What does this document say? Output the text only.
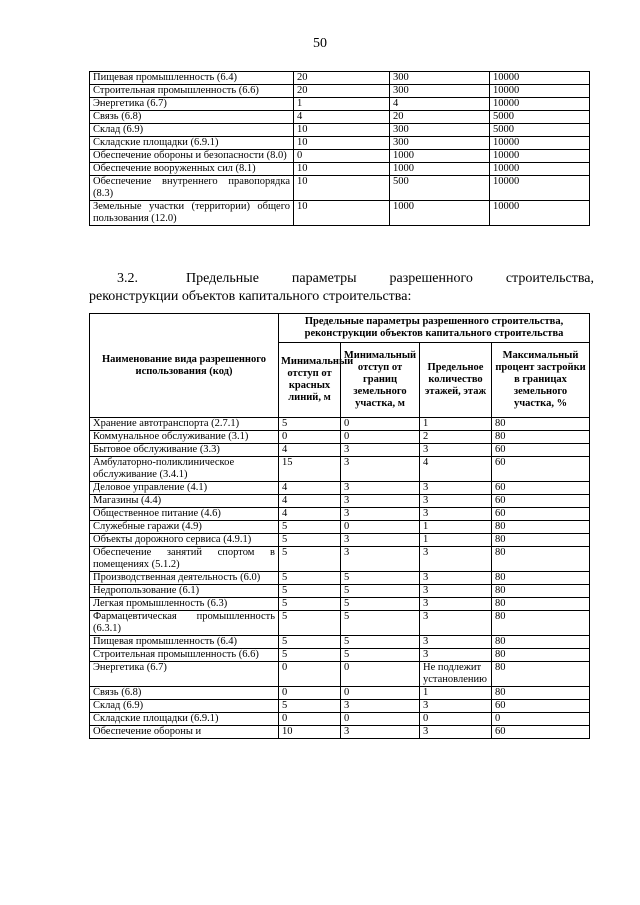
50
Пищевая промышленность (6.4)	20	300	10000
Строительная промышленность (6.6)	20	300	10000
Энергетика (6.7)	1	4	10000
Связь (6.8)	4	20	5000
Склад (6.9)	10	300	5000
Складские площадки (6.9.1)	10	300	10000
Обеспечение обороны и безопасности (8.0)	0	1000	10000
Обеспечение вооруженных сил (8.1)	10	1000	10000
Обеспечение внутреннего правопорядка (8.3)	10	500	10000
Земельные участки (территории) общего пользования (12.0)	10	1000	10000
3.2.	Предельные параметры разрешенного строительства,
реконструкции объектов капитального строительства:
Наименование вида разрешенного использования (код)	Предельные параметры разрешенного строительства, реконструкции объектов капитального строительства			
	Минимальный отступ от красных линий, м	Минимальный отступ от границ земельного участка, м	Предельное количество этажей, этаж	Максимальный процент застройки в границах земельного участка, %
Хранение автотранспорта (2.7.1)	5	0	1	80
Коммунальное обслуживание (3.1)	0	0	2	80
Бытовое обслуживание (3.3)	4	3	3	60
Амбулаторно-поликлиническое обслуживание (3.4.1)	15	3	4	60
Деловое управление (4.1)	4	3	3	60
Магазины (4.4)	4	3	3	60
Общественное питание (4.6)	4	3	3	60
Служебные гаражи (4.9)	5	0	1	80
Объекты дорожного сервиса (4.9.1)	5	3	1	80
Обеспечение занятий спортом в помещениях (5.1.2)	5	3	3	80
Производственная деятельность (6.0)	5	5	3	80
Недропользование (6.1)	5	5	3	80
Легкая промышленность (6.3)	5	5	3	80
Фармацевтическая промышленность (6.3.1)	5	5	3	80
Пищевая промышленность (6.4)	5	5	3	80
Строительная промышленность (6.6)	5	5	3	80
Энергетика (6.7)	0	0	Не подлежит установлению	80
Связь (6.8)	0	0	1	80
Склад (6.9)	5	3	3	60
Складские площадки (6.9.1)	0	0	0	0
Обеспечение обороны и	10	3	3	60
